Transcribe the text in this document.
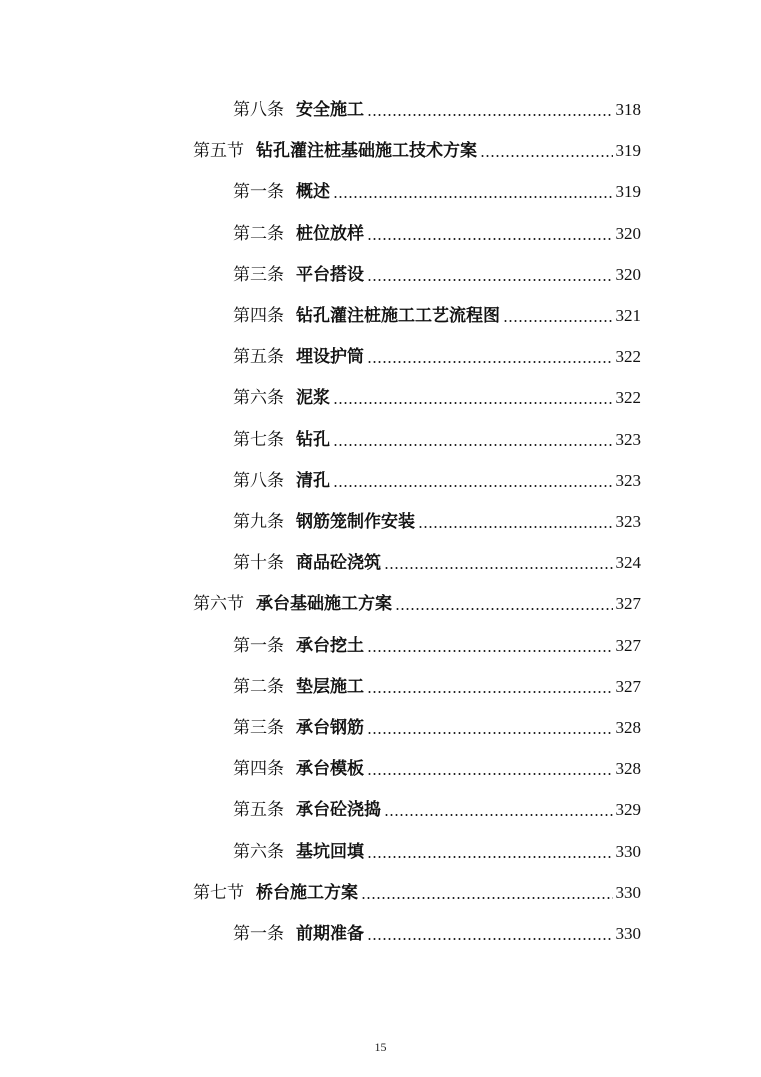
第八条 安全施工	318
第五节 钻孔灌注桩基础施工技术方案	319
第一条 概述	319
第二条 桩位放样	320
第三条 平台搭设	320
第四条 钻孔灌注桩施工工艺流程图	321
第五条 埋设护筒	322
第六条 泥浆	322
第七条 钻孔	323
第八条 清孔	323
第九条 钢筋笼制作安装	323
第十条 商品砼浇筑	324
第六节 承台基础施工方案	327
第一条 承台挖土	327
第二条 垫层施工	327
第三条 承台钢筋	328
第四条 承台模板	328
第五条 承台砼浇捣	329
第六条 基坑回填	330
第七节 桥台施工方案	330
第一条 前期准备	330
15
